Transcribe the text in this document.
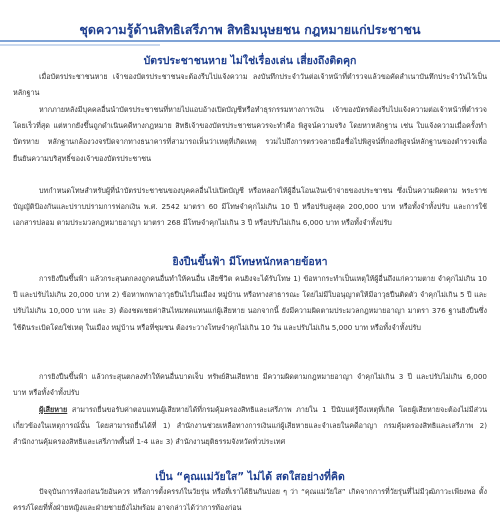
ชุดความรู้ด้านสิทธิเสรีภาพ สิทธิมนุษยชน กฎหมายแก่ประชาชน
บัตรประชาชนหาย ไม่ใช่เรื่องเล่น เสี่ยงถึงติดคุก
เมื่อบัตรประชาชนหาย เจ้าของบัตรประชาชนจะต้องรีบไปแจ้งความ ลงบันทึกประจำวันต่อเจ้าหน้าที่ตำรวจแล้วขอคัดสำเนาบันทึกประจำวันไว้เป็นหลักฐาน
หากภายหลังมีบุคคลอื่นนำบัตรประชาชนที่หายไปแอบอ้างเปิดบัญชีหรือทำธุรกรรมทางการเงิน เจ้าของบัตรต้องรีบไปแจ้งความต่อเจ้าหน้าที่ตำรวจโดยเร็วที่สุด แต่หากยังขึ้นถูกดำเนินคดีทางกฎหมาย สิทธิเจ้าของบัตรประชาชนควรจะทำคือ พิสูจน์ความจริง โดยหาหลักฐาน เช่น ใบแจ้งความเมื่อครั้งทำบัตรหาย หลักฐานกล้องวงจรปิดจากทางธนาคารที่สามารถเห็นว่าเหตุที่เกิดเหตุ รวมไปถึงการตรวจลายมือชื่อไปพิสูจน์ที่กองพิสูจน์หลักฐานของตำรวจเพื่อยืนยันความบริสุทธิ์ของเจ้าของบัตรประชาชน
บทกำหนดโทษสำหรับผู้ที่นำบัตรประชาชนของบุคคลอื่นไปเปิดบัญชี หรือหลอกให้ผู้อื่นโอนเงินเข้าจ่ายของประชาชน ซึ่งเป็นความผิดตาม พระราชบัญญัติป้องกันและปราบปรามการฟอกเงิน พ.ศ. 2542 มาตรา 60 มีโทษจำคุกไม่เกิน 10 ปี หรือปรับสูงสุด 200,000 บาท หรือทั้งจำทั้งปรับ และการใช้เอกสารปลอม ตามประมวลกฎหมายอาญา มาตรา 268 มีโทษจำคุกไม่เกิน 3 ปี หรือปรับไม่เกิน 6,000 บาท หรือทั้งจำทั้งปรับ
ยิงปืนขึ้นฟ้า มีโทษหนักหลายข้อหา
การยิงปืนขึ้นฟ้า แล้วกระสุนตกลงถูกคนอื่นทำให้คนอื่น เสียชีวิต คนยิงจะได้รับโทษ 1) ข้อหากระทำเป็นเหตุให้ผู้อื่นถึงแก่ความตาย จำคุกไม่เกิน 10 ปี และปรับไม่เกิน 20,000 บาท 2) ข้อหาพกพาอาวุธปืนไปในเมือง หมู่บ้าน หรือทางสาธารณะ โดยไม่มีใบอนุญาตให้มีอาวุธปืนติดตัว จำคุกไม่เกิน 5 ปี และปรับไม่เกิน 10,000 บาท และ 3) ต้องชดเชยค่าสินไหมทดแทนแก่ผู้เสียหาย นอกจากนี้ ยังมีความผิดตามประมวลกฎหมายอาญา มาตรา 376 ฐานยิงปืนซึ่งใช้ดินระเบิดโดยใช่เหตุ ในเมือง หมู่บ้าน หรือที่ชุมชน ต้องระวางโทษจำคุกไม่เกิน 10 วัน และปรับไม่เกิน 5,000 บาท หรือทั้งจำทั้งปรับ
การยิงปืนขึ้นฟ้า แล้วกระสุนตกลงทำให้คนอื่นบาดเจ็บ ทรัพย์สินเสียหาย มีความผิดตามกฎหมายอาญา จำคุกไม่เกิน 3 ปี และปรับไม่เกิน 6,000 บาท หรือทั้งจำทั้งปรับ
ผู้เสียหาย สามารถยื่นขอรับค่าตอบแทนผู้เสียหายได้ที่กรมคุ้มครองสิทธิและเสรีภาพ ภายใน 1 ปีนับแต่รู้ถึงเหตุที่เกิด โดยผู้เสียหายจะต้องไม่มีส่วนเกี่ยวข้องในเหตุการณ์นั้น โดยสามารถยื่นได้ที่ 1) สำนักงานช่วยเหลือทางการเงินแก่ผู้เสียหายและจำเลยในคดีอาญา กรมคุ้มครองสิทธิและเสรีภาพ 2) สำนักงานคุ้มครองสิทธิและเสรีภาพพื้นที่ 1-4 และ 3) สำนักงานยุติธรรมจังหวัดทั่วประเทศ
เป็น “คุณแม่วัยใส” ไม่ได้ สดใสอย่างที่คิด
ปัจจุบันการท้องก่อนวัยอันควร หรือการตั้งครรภ์ในวัยรุ่น หรือที่เราได้ยินกันบ่อย ๆ ว่า “คุณแม่วัยใส” เกิดจากการที่วัยรุ่นที่ไม่มีวุฒิภาวะเพียงพอ ตั้งครรภ์โดยที่ทั้งฝ่ายหญิงและฝ่ายชายยังไม่พร้อม อาจกล่าวได้ว่าการท้องก่อน
